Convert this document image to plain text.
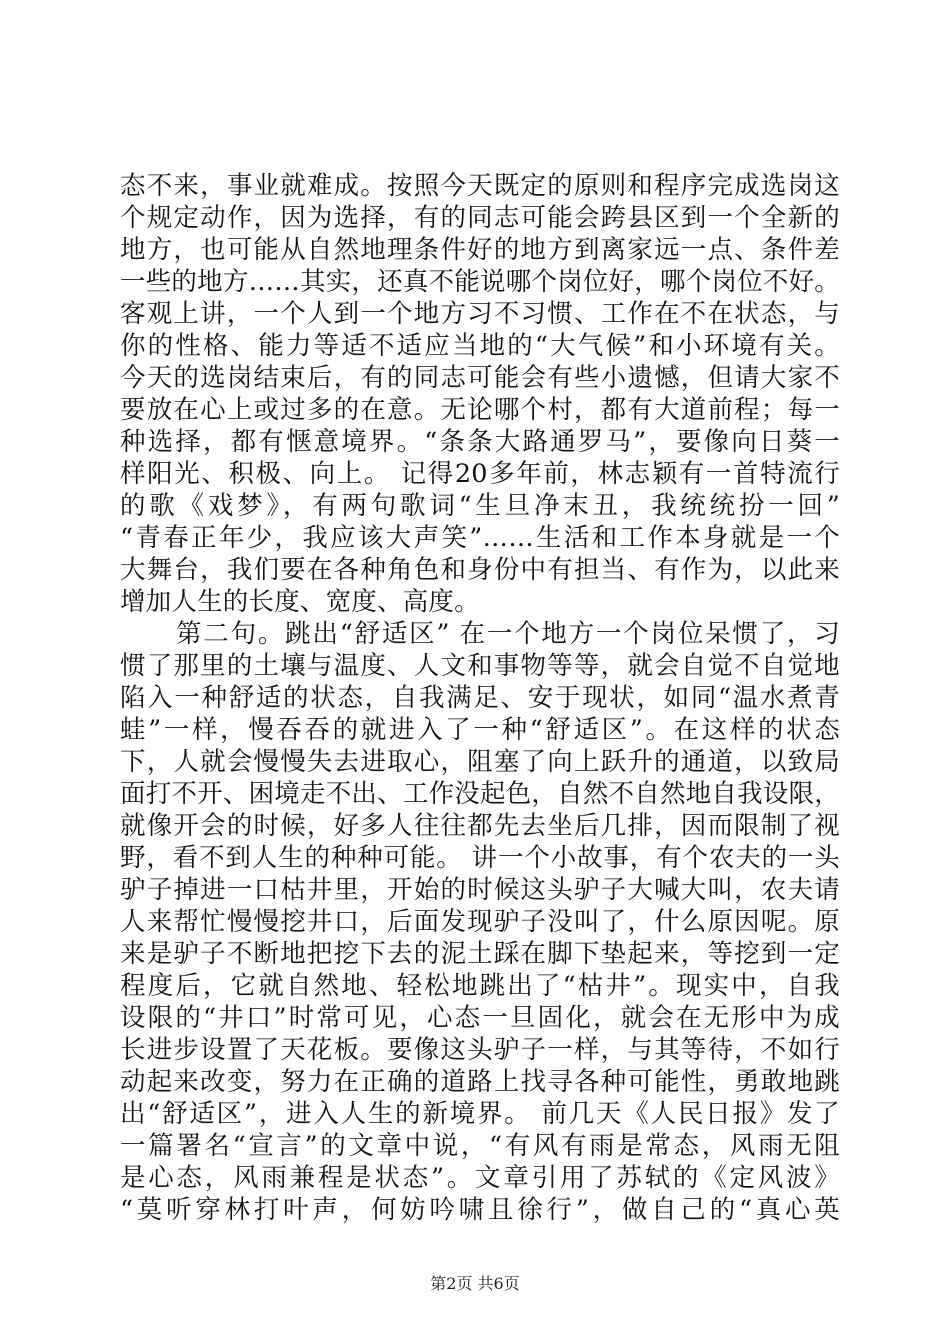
态不来，事业就难成。按照今天既定的原则和程序完成选岗这
个规定动作，因为选择，有的同志可能会跨县区到一个全新的
地方，也可能从自然地理条件好的地方到离家远一点、条件差
一些的地方……其实，还真不能说哪个岗位好，哪个岗位不好。
客观上讲，一个人到一个地方习不习惯、工作在不在状态，与
你的性格、能力等适不适应当地的“大气候”和小环境有关。
今天的选岗结束后，有的同志可能会有些小遗憾，但请大家不
要放在心上或过多的在意。无论哪个村，都有大道前程；每一
种选择，都有惬意境界。“条条大路通罗马”，要像向日葵一
样阳光、积极、向上。 记得20多年前，林志颖有一首特流行
的歌《戏梦》，有两句歌词“生旦净末丑，我统统扮一回”
“青春正年少，我应该大声笑”……生活和工作本身就是一个
大舞台，我们要在各种角色和身份中有担当、有作为，以此来
增加人生的长度、宽度、高度。
第二句。跳出“舒适区” 在一个地方一个岗位呆惯了，习
惯了那里的土壤与温度、人文和事物等等，就会自觉不自觉地
陷入一种舒适的状态，自我满足、安于现状，如同“温水煮青
蛙”一样，慢吞吞的就进入了一种“舒适区”。在这样的状态
下，人就会慢慢失去进取心，阻塞了向上跃升的通道，以致局
面打不开、困境走不出、工作没起色，自然不自然地自我设限，
就像开会的时候，好多人往往都先去坐后几排，因而限制了视
野，看不到人生的种种可能。 讲一个小故事，有个农夫的一头
驴子掉进一口枯井里，开始的时候这头驴子大喊大叫，农夫请
人来帮忙慢慢挖井口，后面发现驴子没叫了，什么原因呢。原
来是驴子不断地把挖下去的泥土踩在脚下垫起来，等挖到一定
程度后，它就自然地、轻松地跳出了“枯井”。现实中，自我
设限的“井口”时常可见，心态一旦固化，就会在无形中为成
长进步设置了天花板。要像这头驴子一样，与其等待，不如行
动起来改变，努力在正确的道路上找寻各种可能性，勇敢地跳
出“舒适区”，进入人生的新境界。 前几天《人民日报》发了
一篇署名“宣言”的文章中说，“有风有雨是常态，风雨无阻
是心态，风雨兼程是状态”。文章引用了苏轼的《定风波》
“莫听穿林打叶声，何妨吟啸且徐行”，做自己的“真心英
第2页 共6页
